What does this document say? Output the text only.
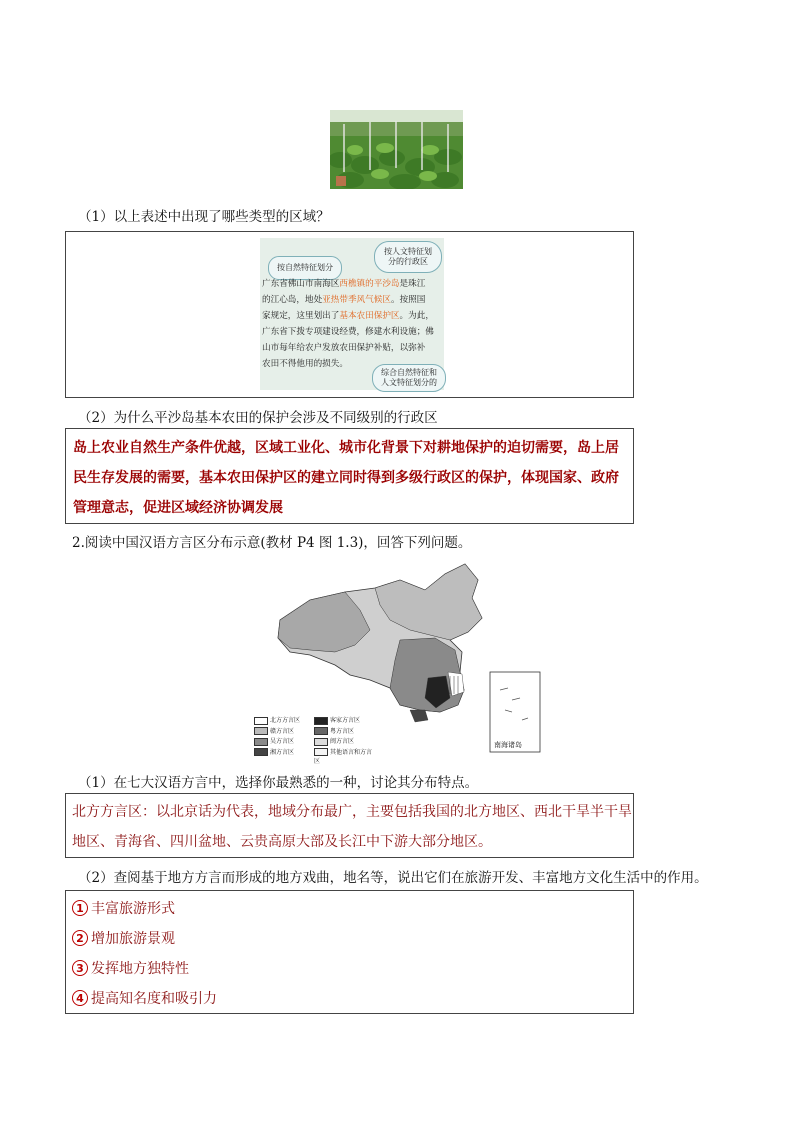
（1）以上表述中出现了哪些类型的区域？
按自然特征划分
按人文特征划分的行政区
广东省佛山市南海区西樵镇的平沙岛是珠江
的江心岛，地处亚热带季风气候区。按照国
家规定，这里划出了基本农田保护区。为此，
广东省下拨专项建设经费，修建水利设施；佛
山市每年给农户发放农田保护补贴，以弥补
农田不得他用的损失。
综合自然特征和人文特征划分的
（2）为什么平沙岛基本农田的保护会涉及不同级别的行政区
岛上农业自然生产条件优越，区域工业化、城市化背景下对耕地保护的迫切需要，岛上居
民生存发展的需要，基本农田保护区的建立同时得到多级行政区的保护，体现国家、政府
管理意志，促进区域经济协调发展
2.阅读中国汉语方言区分布示意(教材 P4 图 1.3)，回答下列问题。
南海诸岛
北方方言区	客家方言区
赣方言区	粤方言区
吴方言区	闽方言区
湘方言区	其他语言和方言区
（1）在七大汉语方言中，选择你最熟悉的一种，讨论其分布特点。
北方方言区：以北京话为代表，地域分布最广，主要包括我国的北方地区、西北干旱半干旱
地区、青海省、四川盆地、云贵高原大部及长江中下游大部分地区。
（2）查阅基于地方方言而形成的地方戏曲，地名等，说出它们在旅游开发、丰富地方文化生活中的作用。
1 丰富旅游形式
2 增加旅游景观
3 发挥地方独特性
4 提高知名度和吸引力
